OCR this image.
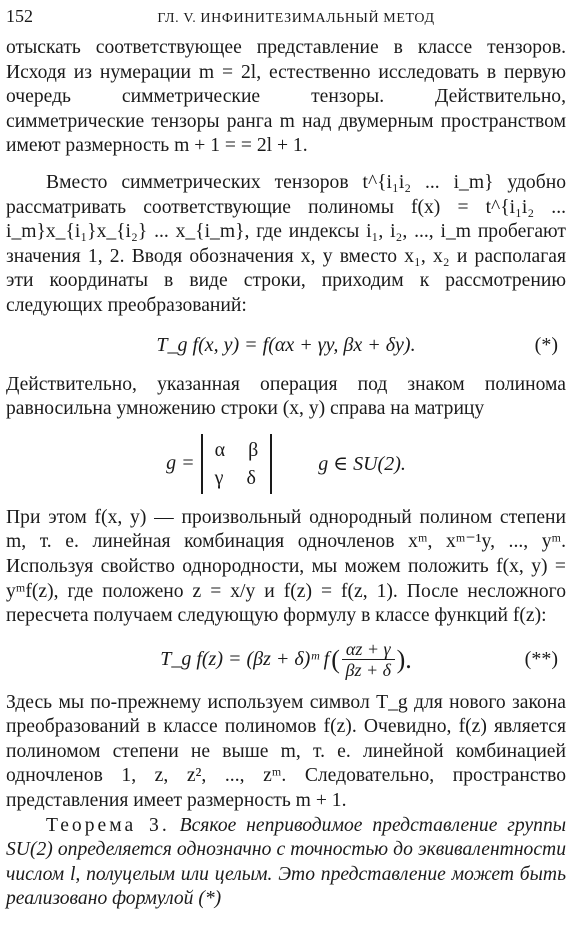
152	ГЛ. V. ИНФИНИТЕЗИМАЛЬНЫЙ МЕТОД

отыскать соответствующее представление в классе тензоров. Исходя из нумерации m = 2l, естественно исследовать в первую очередь симметрические тензоры. Действительно, симметрические тензоры ранга m над двумерным пространством имеют размерность m + 1 = = 2l + 1.

Вместо симметрических тензоров t^{i₁i₂ ... i_m} удобно рассматривать соответствующие полиномы f(x) = t^{i₁i₂ ... i_m}x_{i₁}x_{i₂} ... x_{i_m}, где индексы i₁, i₂, ..., i_m пробегают значения 1, 2. Вводя обозначения x, y вместо x₁, x₂ и располагая эти координаты в виде строки, приходим к рассмотрению следующих преобразований:

T_g f(x, y) = f(αx + γy, βx + δy).	(*)

Действительно, указанная операция под знаком полинома равносильна умножению строки (x, y) справа на матрицу

g =
α β
γ δ
g ∈ SU(2).

При этом f(x, y) — произвольный однородный полином степени m, т. е. линейная комбинация одночленов xᵐ, xᵐ⁻¹y, ..., yᵐ. Используя свойство однородности, мы можем положить f(x, y) = yᵐf(z), где положено z = x/y и f(z) = f(z, 1). После несложного пересчета получаем следующую формулу в классе функций f(z):

T_g f(z) = (βz + δ)ᵐ f ( $\frac{\alpha z + \gamma}{\beta z + \delta}$ ).	(**)

Здесь мы по-прежнему используем символ T_g для нового закона преобразований в классе полиномов f(z). Очевидно, f(z) является полиномом степени не выше m, т. е. линейной комбинацией одночленов 1, z, z², ..., zᵐ. Следовательно, пространство представления имеет размерность m + 1.

Теорема 3. Всякое неприводимое представление группы SU(2) определяется однозначно с точностью до эквивалентности числом l, полуцелым или целым. Это представление может быть реализовано формулой (*)
